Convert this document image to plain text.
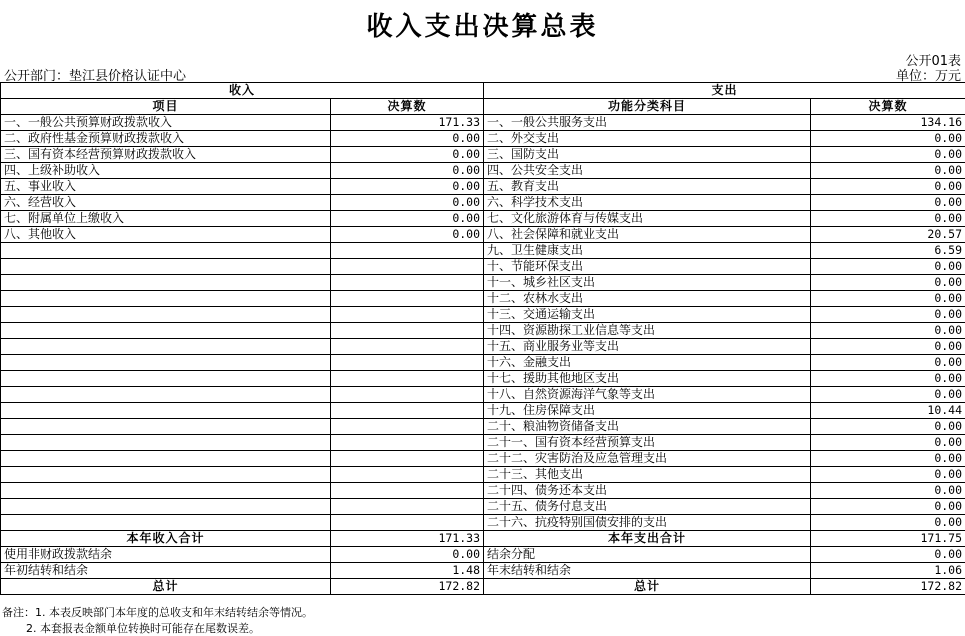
收入支出决算总表
公开01表
公开部门：垫江县价格认证中心	单位：万元
收入		支出	
项目	决算数	功能分类科目	决算数
一、一般公共预算财政拨款收入	171.33	一、一般公共服务支出	134.16
二、政府性基金预算财政拨款收入	0.00	二、外交支出	0.00
三、国有资本经营预算财政拨款收入	0.00	三、国防支出	0.00
四、上级补助收入	0.00	四、公共安全支出	0.00
五、事业收入	0.00	五、教育支出	0.00
六、经营收入	0.00	六、科学技术支出	0.00
七、附属单位上缴收入	0.00	七、文化旅游体育与传媒支出	0.00
八、其他收入	0.00	八、社会保障和就业支出	20.57
		九、卫生健康支出	6.59
		十、节能环保支出	0.00
		十一、城乡社区支出	0.00
		十二、农林水支出	0.00
		十三、交通运输支出	0.00
		十四、资源勘探工业信息等支出	0.00
		十五、商业服务业等支出	0.00
		十六、金融支出	0.00
		十七、援助其他地区支出	0.00
		十八、自然资源海洋气象等支出	0.00
		十九、住房保障支出	10.44
		二十、粮油物资储备支出	0.00
		二十一、国有资本经营预算支出	0.00
		二十二、灾害防治及应急管理支出	0.00
		二十三、其他支出	0.00
		二十四、债务还本支出	0.00
		二十五、债务付息支出	0.00
		二十六、抗疫特别国债安排的支出	0.00
本年收入合计	171.33	本年支出合计	171.75
使用非财政拨款结余	0.00	结余分配	0.00
年初结转和结余	1.48	年末结转和结余	1.06
总计	172.82	总计	172.82
备注：1. 本表反映部门本年度的总收支和年末结转结余等情况。
2. 本套报表金额单位转换时可能存在尾数误差。
